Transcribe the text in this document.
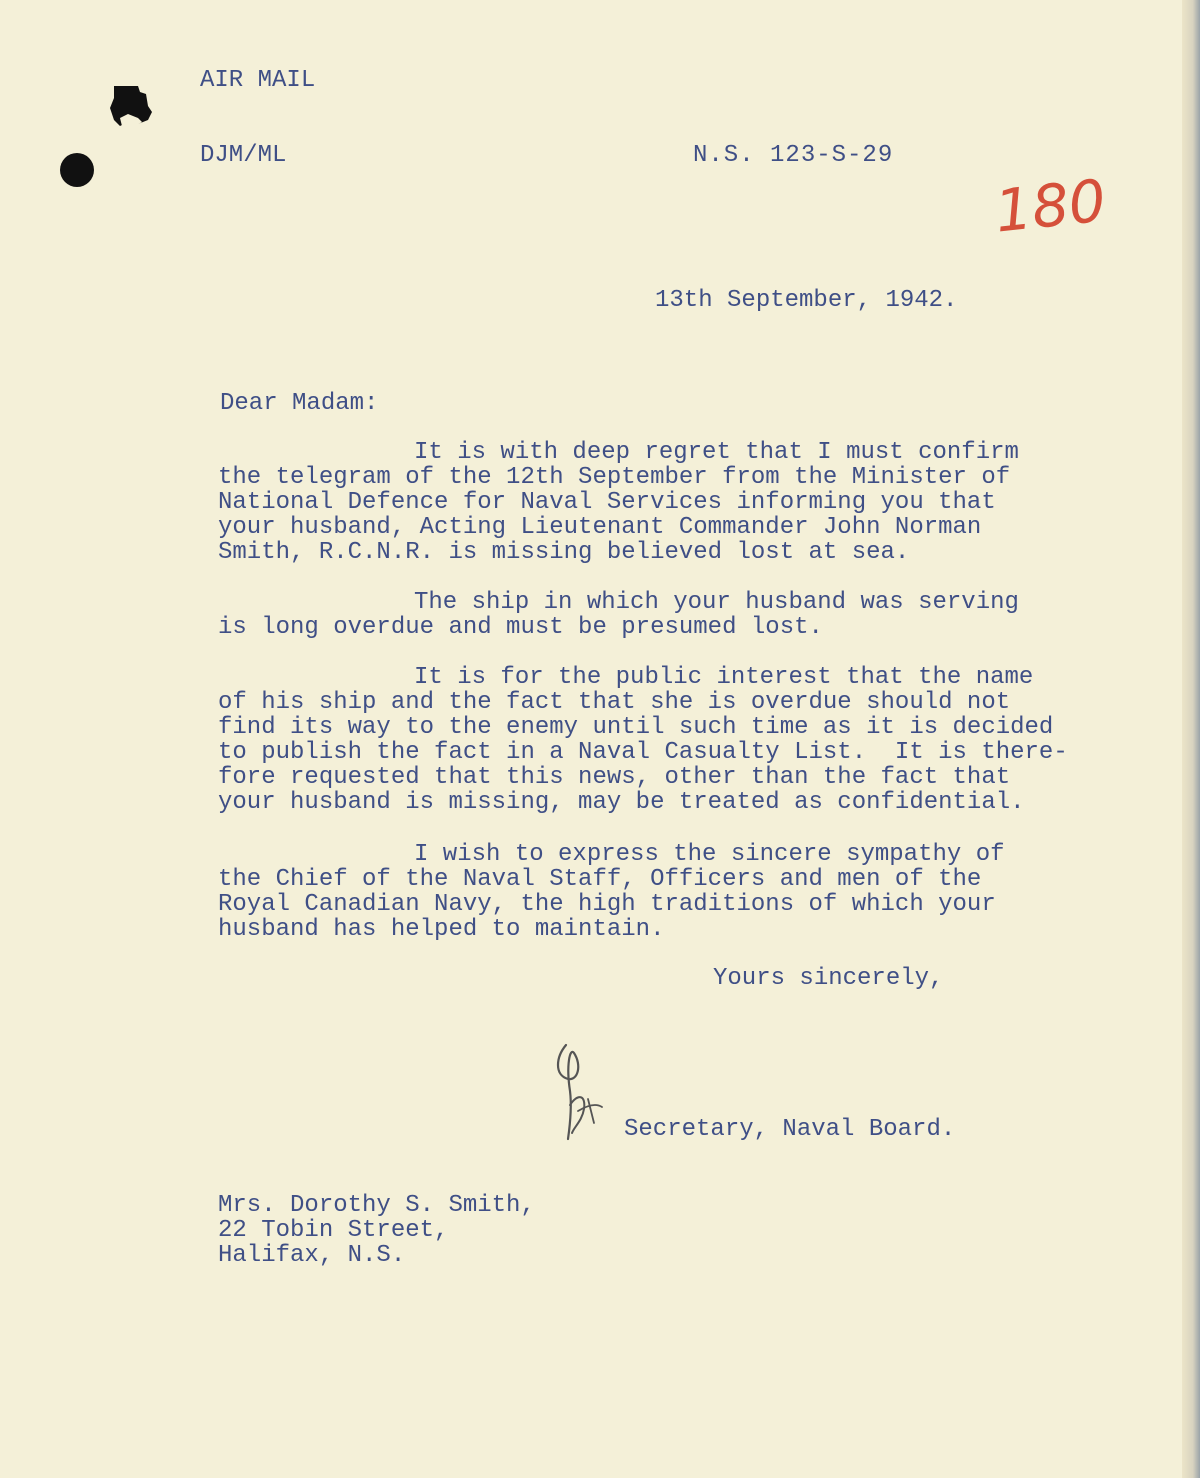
AIR MAIL
DJM/ML	N.S. 123-S-29
180
13th September, 1942.
Dear Madam:
It is with deep regret that I must confirm
the telegram of the 12th September from the Minister of
National Defence for Naval Services informing you that
your husband, Acting Lieutenant Commander John Norman
Smith, R.C.N.R. is missing believed lost at sea.
The ship in which your husband was serving
is long overdue and must be presumed lost.
It is for the public interest that the name
of his ship and the fact that she is overdue should not
find its way to the enemy until such time as it is decided
to publish the fact in a Naval Casualty List.  It is there-
fore requested that this news, other than the fact that
your husband is missing, may be treated as confidential.
I wish to express the sincere sympathy of
the Chief of the Naval Staff, Officers and men of the
Royal Canadian Navy, the high traditions of which your
husband has helped to maintain.
Yours sincerely,
Secretary, Naval Board.
Mrs. Dorothy S. Smith,
22 Tobin Street,
Halifax, N.S.
